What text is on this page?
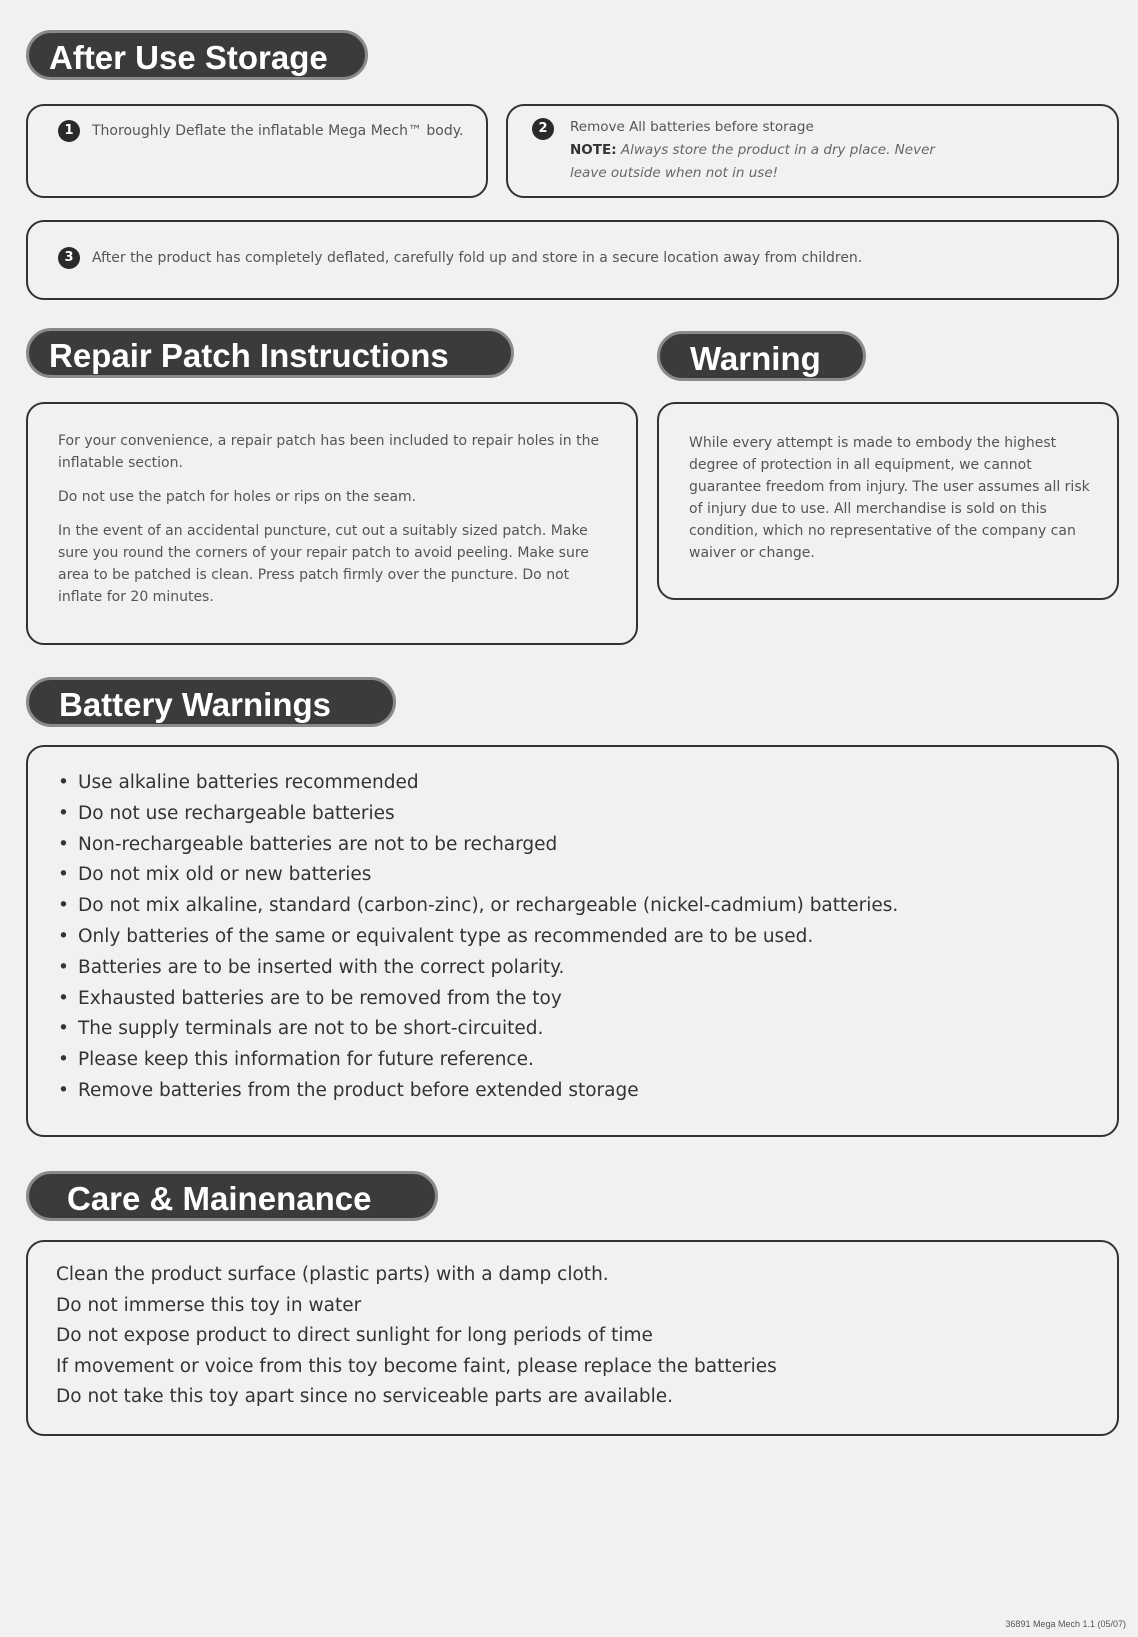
After Use Storage
1 Thoroughly Deflate the inflatable Mega Mech™ body.	2	Remove All batteries before storage
NOTE: Always store the product in a dry place. Never leave outside when not in use!
3 After the product has completely deflated, carefully fold up and store in a secure location away from children.
Repair Patch Instructions

For your convenience, a repair patch has been included to repair holes in the inflatable section.

Do not use the patch for holes or rips on the seam.

In the event of an accidental puncture, cut out a suitably sized patch. Make sure you round the corners of your repair patch to avoid peeling. Make sure area to be patched is clean. Press patch firmly over the puncture. Do not inflate for 20 minutes.

Warning
While every attempt is made to embody the highest degree of protection in all equipment, we cannot guarantee freedom from injury. The user assumes all risk of injury due to use. All merchandise is sold on this condition, which no representative of the company can waiver or change.
Battery Warnings
• Use alkaline batteries recommended
• Do not use rechargeable batteries
• Non-rechargeable batteries are not to be recharged
• Do not mix old or new batteries
• Do not mix alkaline, standard (carbon-zinc), or rechargeable (nickel-cadmium) batteries.
• Only batteries of the same or equivalent type as recommended are to be used.
• Batteries are to be inserted with the correct polarity.
• Exhausted batteries are to be removed from the toy
• The supply terminals are not to be short-circuited.
• Please keep this information for future reference.
• Remove batteries from the product before extended storage
Care & Mainenance
Clean the product surface (plastic parts) with a damp cloth.
Do not immerse this toy in water
Do not expose product to direct sunlight for long periods of time
If movement or voice from this toy become faint, please replace the batteries
Do not take this toy apart since no serviceable parts are available.
36891 Mega Mech 1.1 (05/07)
